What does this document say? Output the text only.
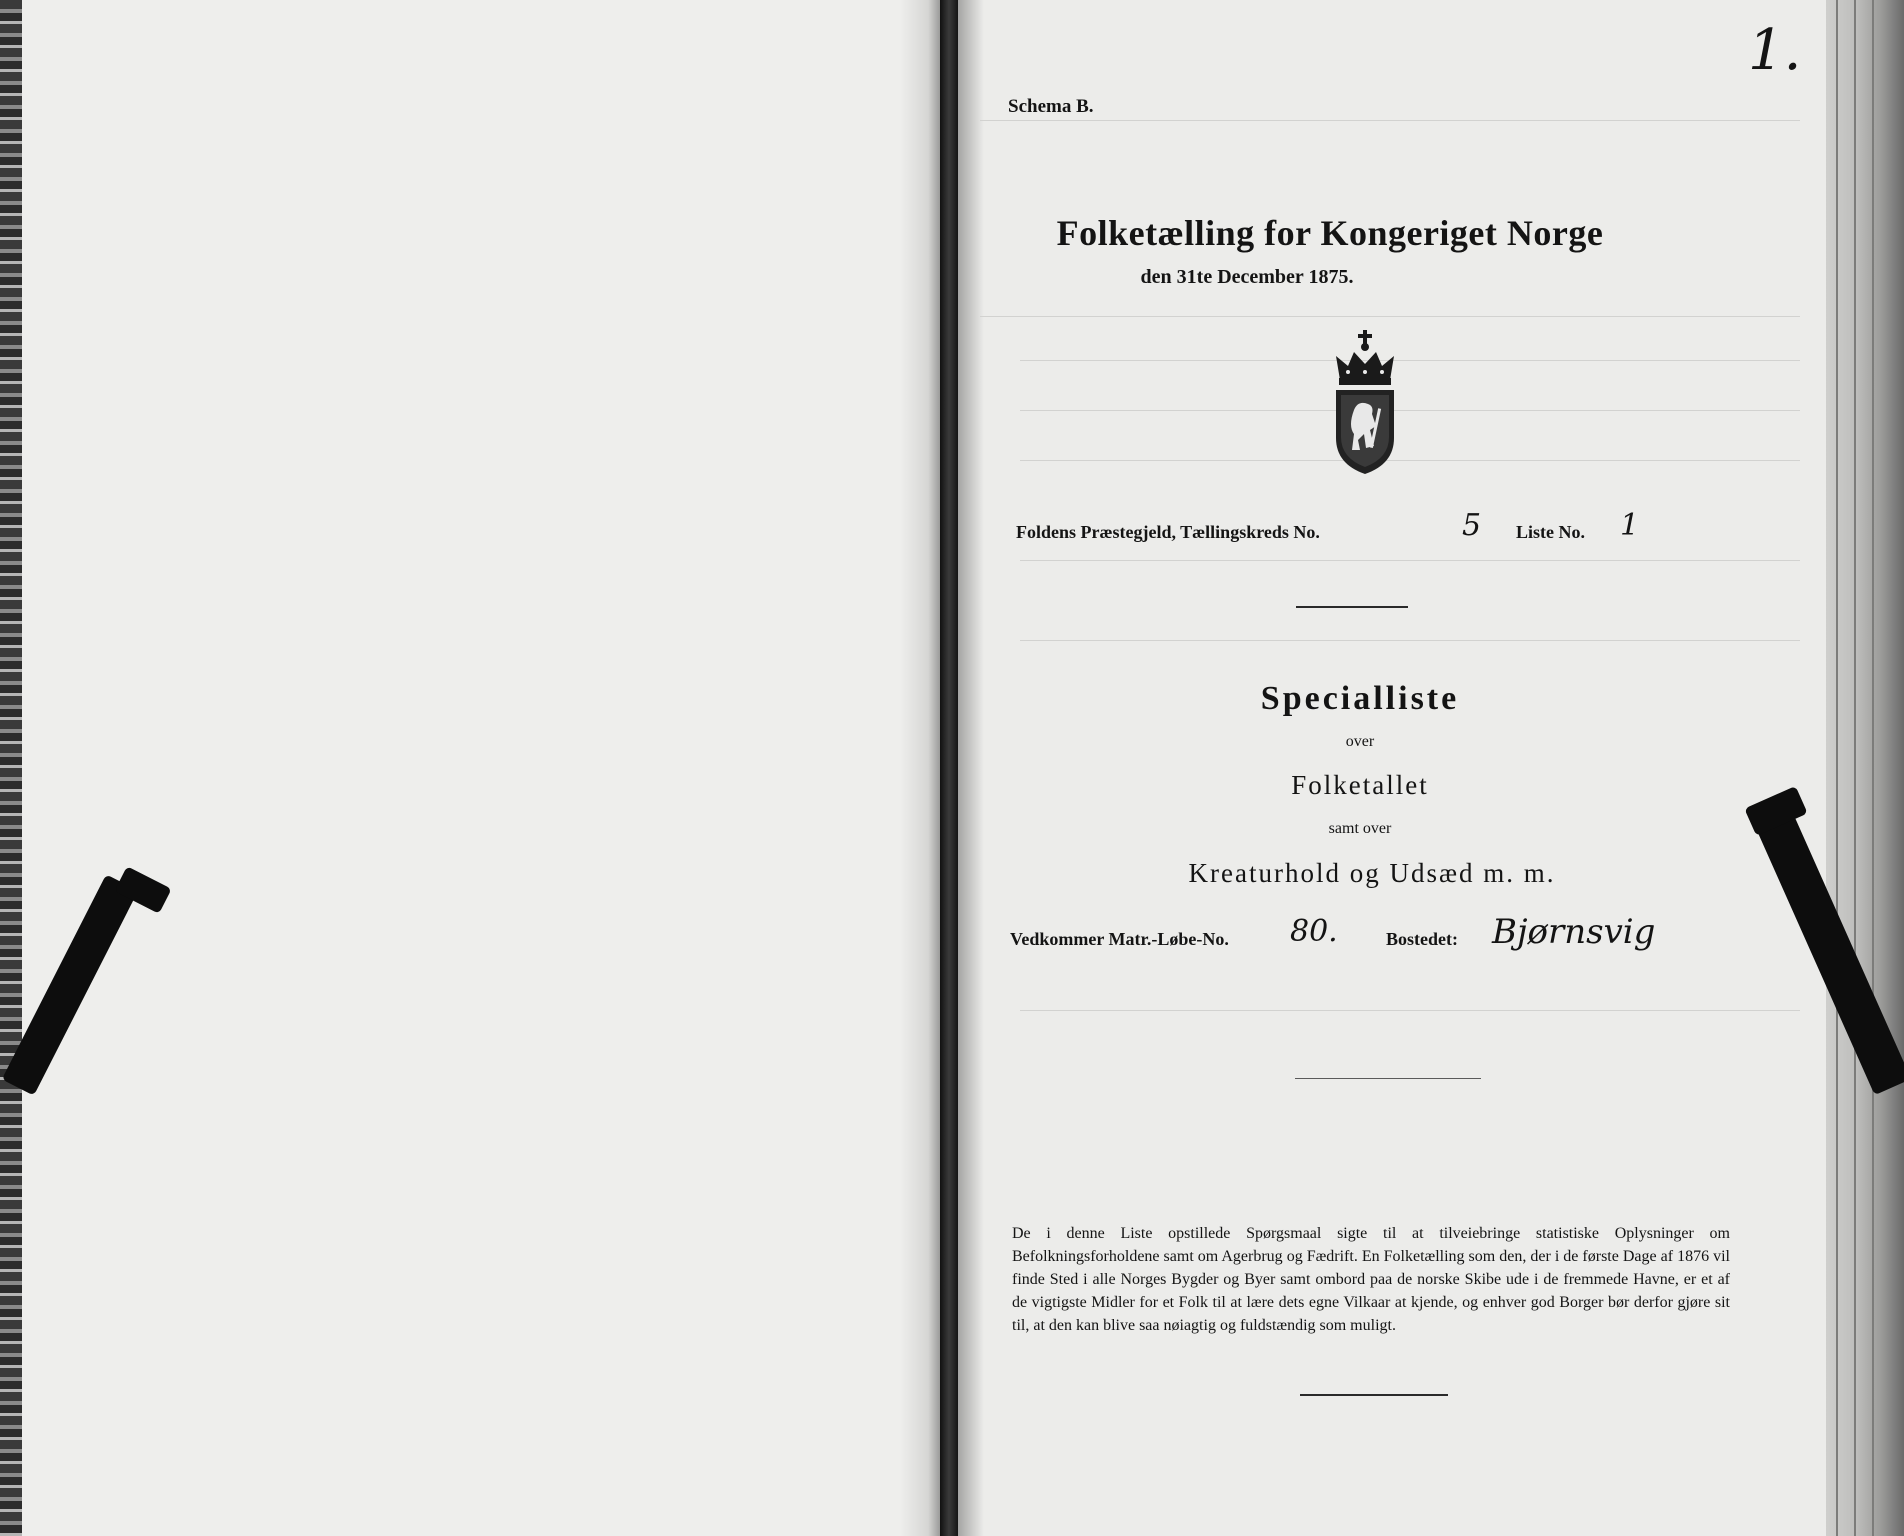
1.
Schema B.
Folketælling for Kongeriget Norge
den 31te December 1875.
Foldens Præstegjeld, Tællingskreds No.	5 Liste No. 1
Specialliste
over
Folketallet
samt over
Kreaturhold og Udsæd m. m.
Vedkommer Matr.-Løbe-No. 80.	Bostedet: Bjørnsvig
De i denne Liste opstillede Spørgsmaal sigte til at tilveiebringe statistiske Oplysninger om Befolkningsforholdene samt om Agerbrug og Fædrift. En Folketælling som den, der i de første Dage af 1876 vil finde Sted i alle Norges Bygder og Byer samt ombord paa de norske Skibe ude i de fremmede Havne, er et af de vigtigste Midler for et Folk til at lære dets egne Vilkaar at kjende, og enhver god Borger bør derfor gjøre sit til, at den kan blive saa nøiagtig og fuldstændig som muligt.
